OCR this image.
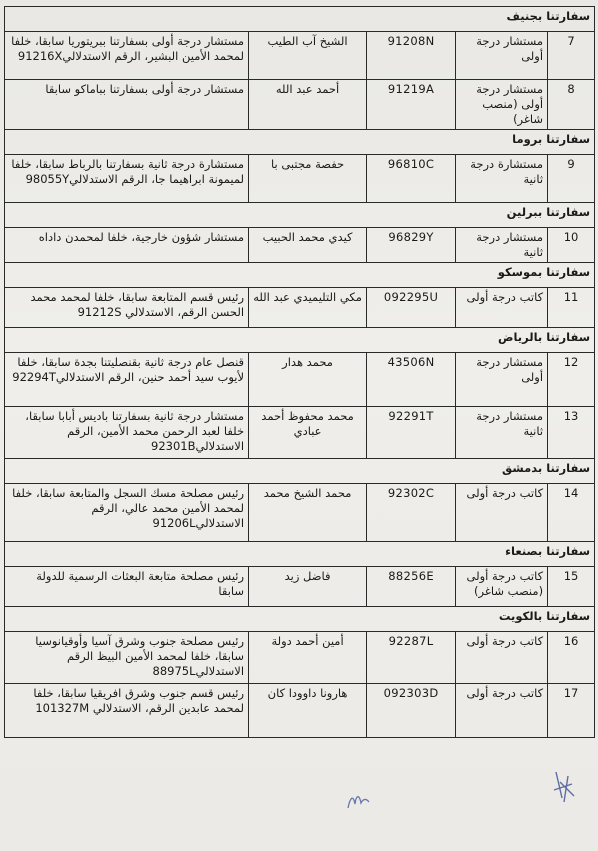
سفارتنا بجنيف				
7	مستشار درجة أولى	91208N	الشيخ آب الطيب	مستشار درجة أولى بسفارتنا ببريتوريا سابقا، خلفا لمحمد الأمين البشير، الرقم الاستدلالي91216X
8	مستشار درجة أولى (منصب شاغر)	91219A	أحمد عبد الله	مستشار درجة أولى بسفارتنا بباماكو سابقا
سفارتنا بروما				
9	مستشارة درجة ثانية	96810C	حفصة مجتبى با	مستشارة درجة ثانية بسفارتنا بالرباط سابقا، خلفا لميمونة ابراهيما جا، الرقم الاستدلالي98055Y
سفارتنا ببرلين				
10	مستشار درجة ثانية	96829Y	كيدي محمد الحبيب	مستشار شؤون خارجية، خلفا لمحمدن داداه
سفارتنا بموسكو				
11	كاتب درجة أولى	092295U	مكي التليميدي عبد الله	رئيس قسم المتابعة سابقا، خلفا لمحمد محمد الحسن الرقم، الاستدلالي 91212S
سفارتنا بالرياض				
12	مستشار درجة أولى	43506N	محمد هدار	قنصل عام درجة ثانية بقنصليتنا بجدة سابقا، خلفا لأيوب سيد أحمد حنين، الرقم الاستدلالي92294T
13	مستشار درجة ثانية	92291T	محمد محفوظ أحمد عبادي	مستشار درجة ثانية بسفارتنا باديس أبابا سابقا، خلفا لعبد الرحمن محمد الأمين، الرقم الاستدلالي92301B
سفارتنا بدمشق				
14	كاتب درجة أولى	92302C	محمد الشيخ محمد	رئيس مصلحة مسك السجل والمتابعة سابقا، خلفا لمحمد الأمين محمد عالي، الرقم الاستدلالي91206L
سفارتنا بصنعاء				
15	كاتب درجة أولى (منصب شاغر)	88256E	فاضل زيد	رئيس مصلحة متابعة البعثات الرسمية للدولة سابقا
سفارتنا بالكويت				
16	كاتب درجة أولى	92287L	أمين أحمد دولة	رئيس مصلحة جنوب وشرق آسيا وأوقيانوسيا سابقا، خلفا لمحمد الأمين البيظ الرقم الاستدلالي88975L
17	كاتب درجة أولى	092303D	هارونا داوودا كان	رئيس قسم جنوب وشرق افريقيا سابقا، خلفا لمحمد عابدين الرقم، الاستدلالي 101327M
